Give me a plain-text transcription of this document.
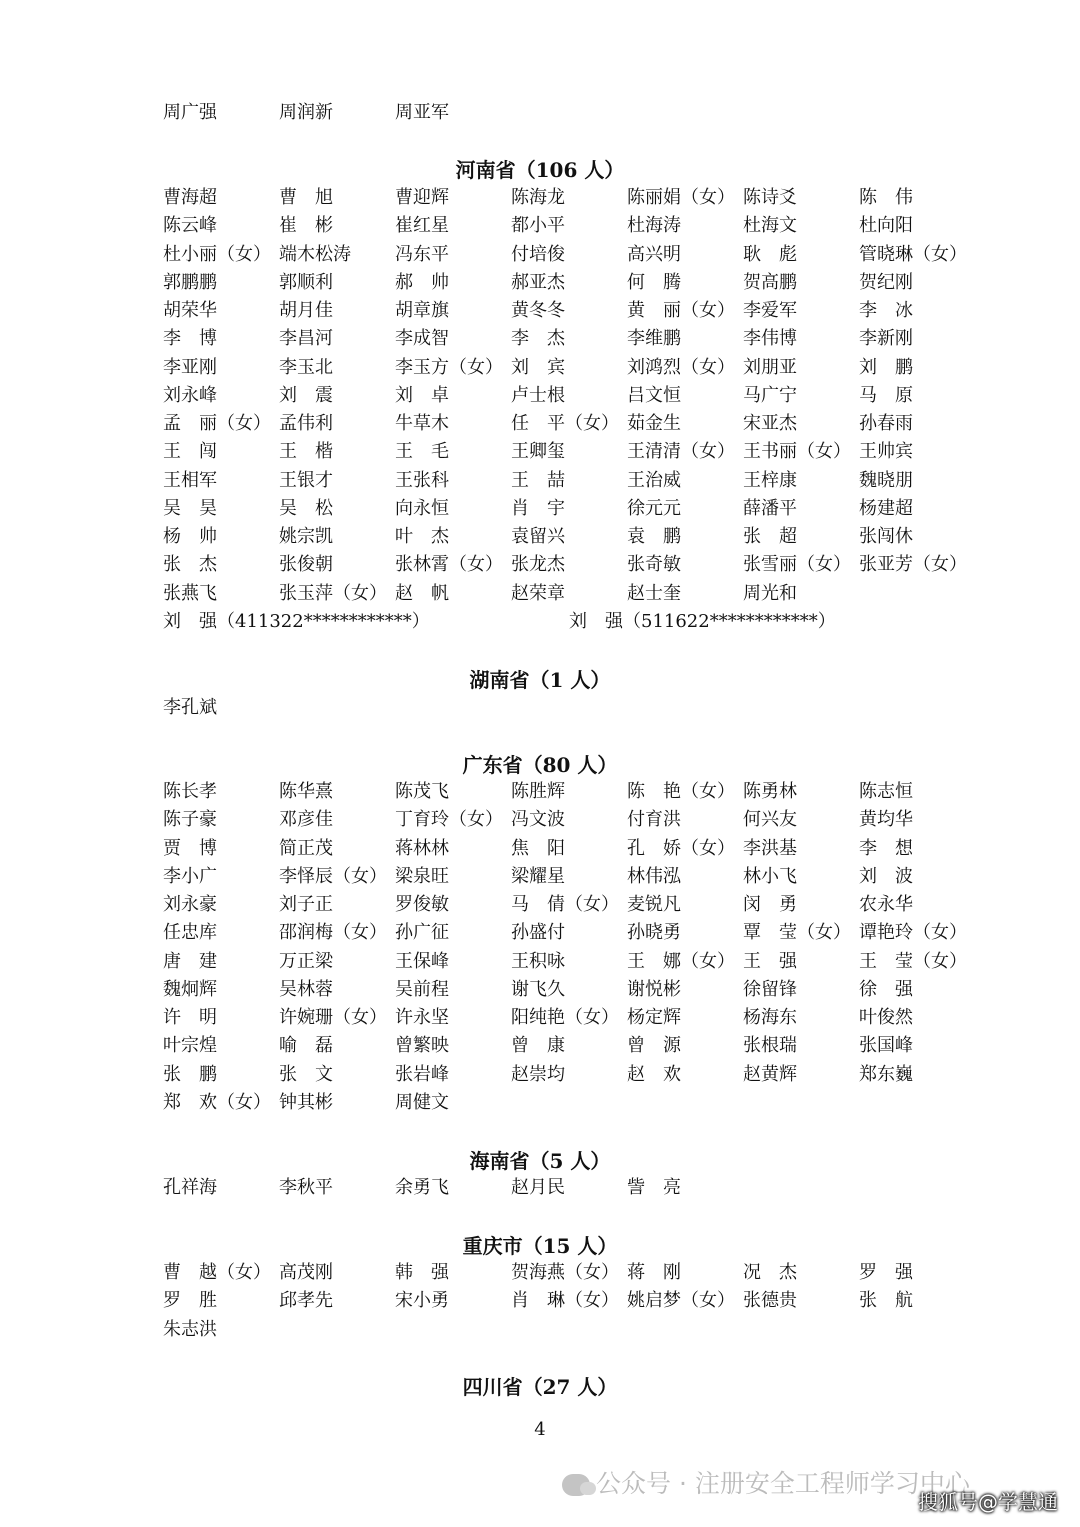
周广强	周润新	周亚军
河南省（106 人）
曹海超	曹　旭	曹迎辉	陈海龙	陈丽娟（女） 陈诗爻	陈　伟
陈云峰	崔　彬	崔红星	都小平	杜海涛	杜海文	杜向阳
杜小丽（女） 端木松涛 冯东平	付培俊	高兴明	耿　彪	管晓琳（女）
郭鹏鹏	郭顺利	郝　帅	郝亚杰	何　腾	贺高鹏	贺纪刚
胡荣华	胡月佳	胡章旗	黄冬冬	黄　丽（女） 李爱军	李　冰
李　博	李昌河	李成智	李　杰	李维鹏	李伟博	李新刚
李亚刚	李玉北	李玉方（女） 刘　宾	刘鸿烈（女） 刘朋亚	刘　鹏
刘永峰	刘　震	刘　卓	卢士根	吕文恒	马广宁	马　原
孟　丽（女） 孟伟利	牛草木	任　平（女） 茹金生	宋亚杰	孙春雨
王　闯	王　楷	王　毛	王卿玺	王清清（女） 王书丽（女） 王帅宾
王相军	王银才	王张科	王　喆	王治威	王梓康	魏晓朋
吴　昊	吴　松	向永恒	肖　宇	徐元元	薛潘平	杨建超
杨　帅	姚宗凯	叶　杰	袁留兴	袁　鹏	张　超	张闯休
张　杰	张俊朝	张林霄（女） 张龙杰	张奇敏	张雪丽（女） 张亚芳（女）
张燕飞	张玉萍（女） 赵　帆	赵荣章	赵士奎	周光和
刘　强（411322************）	刘　强（511622************）
湖南省（1 人）
李孔斌
广东省（80 人）
陈长孝	陈华熹	陈茂飞	陈胜辉	陈　艳（女） 陈勇林	陈志恒
陈子豪	邓彦佳	丁育玲（女） 冯文波	付育洪	何兴友	黄均华
贾　博	简正茂	蒋林林	焦　阳	孔　娇（女） 李洪基	李　想
李小广	李怿辰（女） 梁泉旺	梁耀星	林伟泓	林小飞	刘　波
刘永豪	刘子正	罗俊敏	马　倩（女） 麦锐凡	闵　勇	农永华
任忠库	邵润梅（女） 孙广征	孙盛付	孙晓勇	覃　莹（女） 谭艳玲（女）
唐　建	万正梁	王保峰	王积咏	王　娜（女） 王　强	王　莹（女）
魏炯辉	吴林蓉	吴前程	谢飞久	谢悦彬	徐留锋	徐　强
许　明	许婉珊（女） 许永坚	阳纯艳（女） 杨定辉	杨海东	叶俊然
叶宗煌	喻　磊	曾繁映	曾　康	曾　源	张根瑞	张国峰
张　鹏	张　文	张岩峰	赵崇均	赵　欢	赵黄辉	郑东巍
郑　欢（女） 钟其彬	周健文
海南省（5 人）
孔祥海	李秋平	余勇飞	赵月民	訾　亮
重庆市（15 人）
曹　越（女） 高茂刚	韩　强	贺海燕（女） 蒋　刚	况　杰	罗　强
罗　胜	邱孝先	宋小勇	肖　琳（女） 姚启梦（女） 张德贵	张　航
朱志洪
四川省（27 人）
4
公众号 · 注册安全工程师学习中心
搜狐号@学慧通
